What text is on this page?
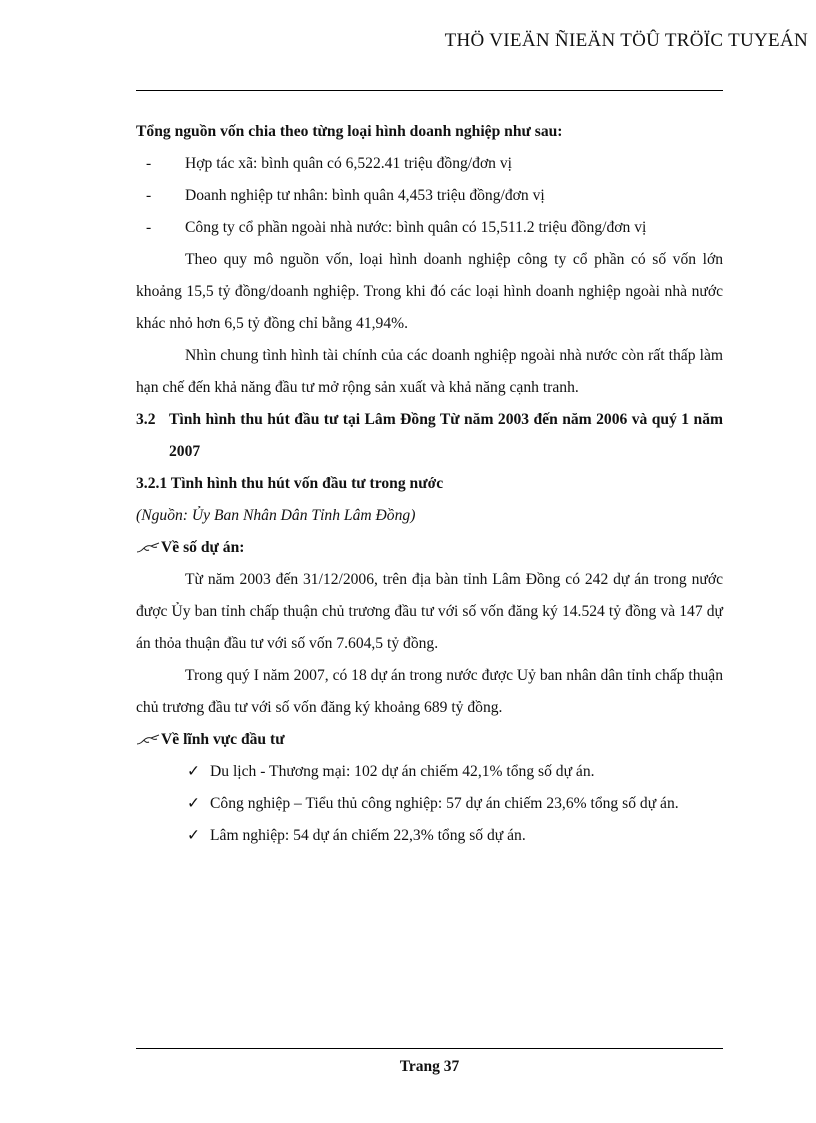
THÖ VIEÄN ÑIEÄN TÖÛ TRÖÏC TUYEÁN

Tổng nguồn vốn chia theo từng loại hình doanh nghiệp như sau:

- Hợp tác xã: bình quân có 6,522.41 triệu đồng/đơn vị

- Doanh nghiệp tư nhân: bình quân 4,453 triệu đồng/đơn vị

- Công ty cổ phần ngoài nhà nước: bình quân có 15,511.2 triệu đồng/đơn vị

Theo quy mô nguồn vốn, loại hình doanh nghiệp công ty cổ phần có số vốn lớn khoảng 15,5 tỷ đồng/doanh nghiệp. Trong khi đó các loại hình doanh nghiệp ngoài nhà nước khác nhỏ hơn 6,5 tỷ đồng chỉ bằng 41,94%.

Nhìn chung tình hình tài chính của các doanh nghiệp ngoài nhà nước còn rất thấp làm hạn chế đến khả năng đầu tư mở rộng sản xuất và khả năng cạnh tranh.

3.2 Tình hình thu hút đầu tư tại Lâm Đồng Từ năm 2003 đến năm 2006 và quý 1 năm 2007

3.2.1 Tình hình thu hút vốn đầu tư trong nước

(Nguồn: Ủy Ban Nhân Dân Tỉnh Lâm Đồng)

Về số dự án:

Từ năm 2003 đến 31/12/2006, trên địa bàn tỉnh Lâm Đồng có 242 dự án trong nước được Ủy ban tỉnh chấp thuận chủ trương đầu tư với số vốn đăng ký 14.524 tỷ đồng và 147 dự án thỏa thuận đầu tư với số vốn 7.604,5 tỷ đồng.

Trong quý I năm 2007, có 18 dự án trong nước được Uỷ ban nhân dân tỉnh chấp thuận chủ trương đầu tư với số vốn đăng ký khoảng 689 tỷ đồng.

Về lĩnh vực đầu tư

✓ Du lịch - Thương mại: 102 dự án chiếm 42,1% tổng số dự án.

✓ Công nghiệp – Tiểu thủ công nghiệp: 57 dự án chiếm 23,6% tổng số dự án.

✓ Lâm nghiệp: 54 dự án chiếm 22,3% tổng số dự án.

Trang 37
